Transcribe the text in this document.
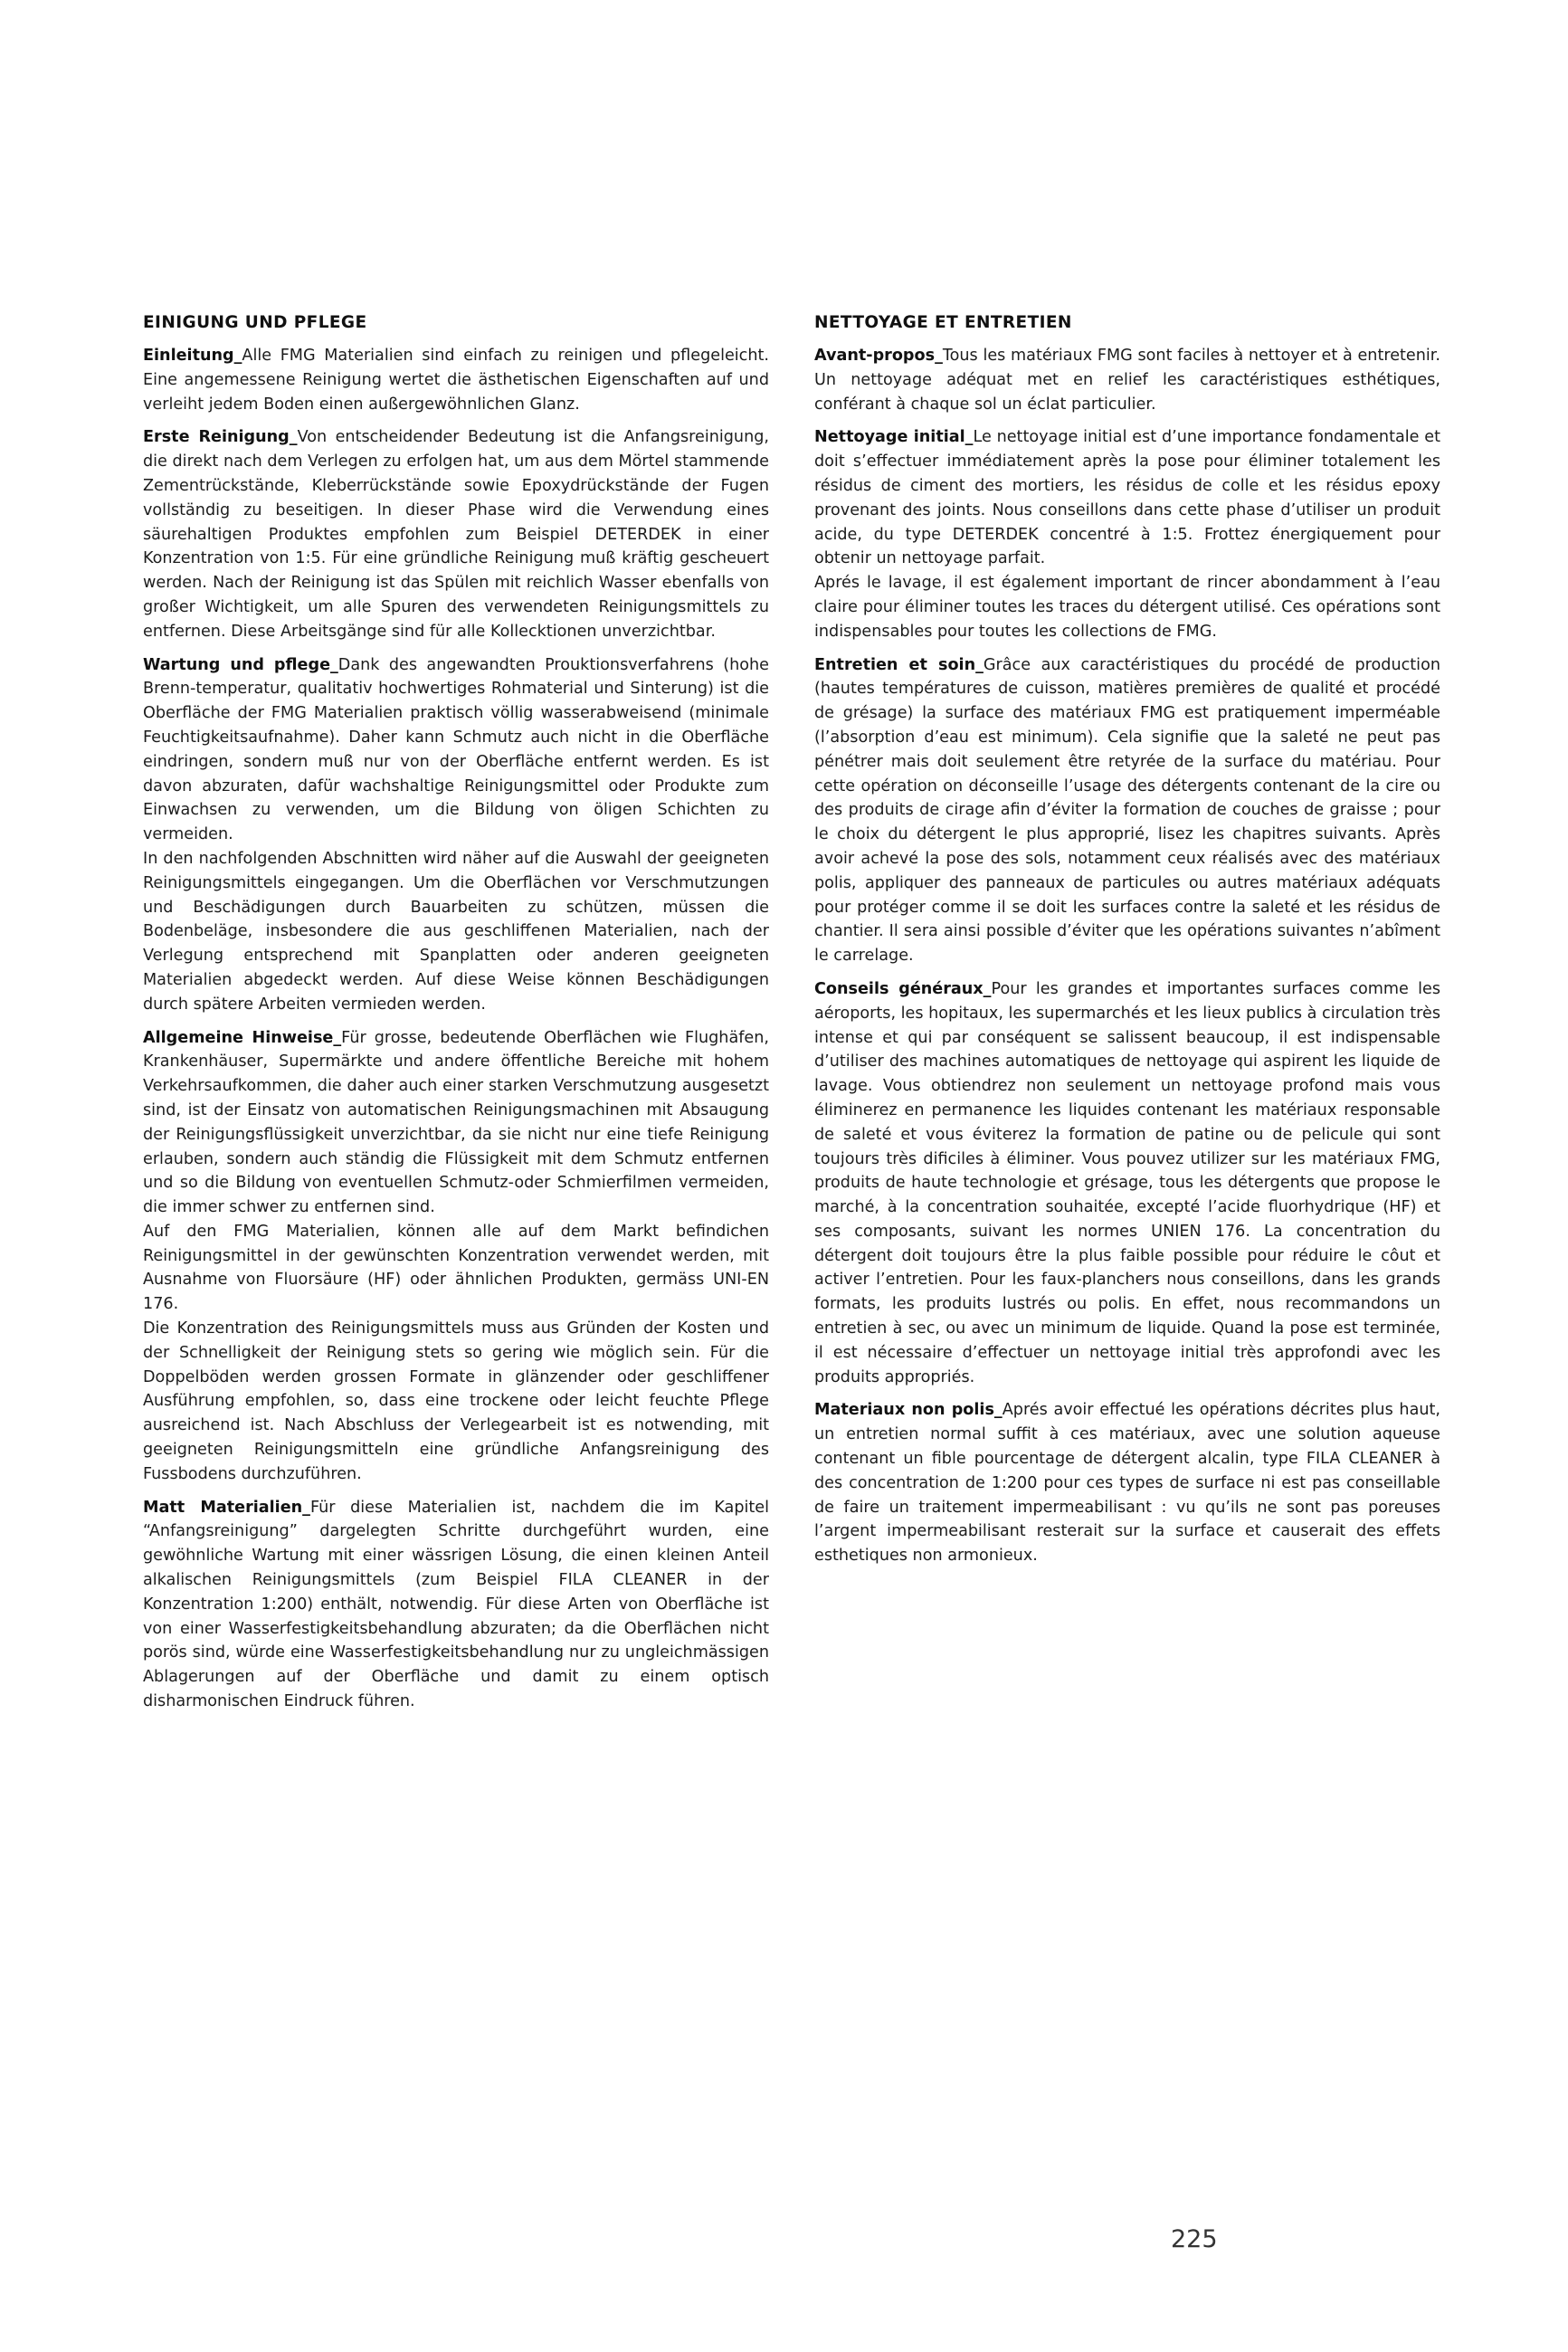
EINIGUNG UND PFLEGE

Einleitung_Alle FMG Materialien sind einfach zu reinigen und pflegeleicht. Eine angemessene Reinigung wertet die ästhetischen Eigenschaften auf und verleiht jedem Boden einen außergewöhnlichen Glanz.

Erste Reinigung_Von entscheidender Bedeutung ist die Anfangsreinigung, die direkt nach dem Verlegen zu erfolgen hat, um aus dem Mörtel stammende Zementrückstände, Kleberrückstände sowie Epoxydrückstände der Fugen vollständig zu beseitigen. In dieser Phase wird die Verwendung eines säurehaltigen Produktes empfohlen zum Beispiel DETERDEK in einer Konzentration von 1:5. Für eine gründliche Reinigung muß kräftig gescheuert werden. Nach der Reinigung ist das Spülen mit reichlich Wasser ebenfalls von großer Wichtigkeit, um alle Spuren des verwendeten Reinigungsmittels zu entfernen. Diese Arbeitsgänge sind für alle Kollecktionen unverzichtbar.

Wartung und pflege_Dank des angewandten Prouktionsverfahrens (hohe Brenn-temperatur, qualitativ hochwertiges Rohmaterial und Sinterung) ist die Oberfläche der FMG Materialien praktisch völlig wasserabweisend (minimale Feuchtigkeitsaufnahme). Daher kann Schmutz auch nicht in die Oberfläche eindringen, sondern muß nur von der Oberfläche entfernt werden. Es ist davon abzuraten, dafür wachshaltige Reinigungsmittel oder Produkte zum Einwachsen zu verwenden, um die Bildung von öligen Schichten zu vermeiden.

In den nachfolgenden Abschnitten wird näher auf die Auswahl der geeigneten Reinigungsmittels eingegangen. Um die Oberflächen vor Verschmutzungen und Beschädigungen durch Bauarbeiten zu schützen, müssen die Bodenbeläge, insbesondere die aus geschliffenen Materialien, nach der Verlegung entsprechend mit Spanplatten oder anderen geeigneten Materialien abgedeckt werden. Auf diese Weise können Beschädigungen durch spätere Arbeiten vermieden werden.

Allgemeine Hinweise_Für grosse, bedeutende Oberflächen wie Flughäfen, Krankenhäuser, Supermärkte und andere öffentliche Bereiche mit hohem Verkehrsaufkommen, die daher auch einer starken Verschmutzung ausgesetzt sind, ist der Einsatz von automatischen Reinigungsmachinen mit Absaugung der Reinigungsflüssigkeit unverzichtbar, da sie nicht nur eine tiefe Reinigung erlauben, sondern auch ständig die Flüssigkeit mit dem Schmutz entfernen und so die Bildung von eventuellen Schmutz-oder Schmierfilmen vermeiden, die immer schwer zu entfernen sind.

Auf den FMG Materialien, können alle auf dem Markt befindichen Reinigungsmittel in der gewünschten Konzentration verwendet werden, mit Ausnahme von Fluorsäure (HF) oder ähnlichen Produkten, germäss UNI-EN 176.

Die Konzentration des Reinigungsmittels muss aus Gründen der Kosten und der Schnelligkeit der Reinigung stets so gering wie möglich sein. Für die Doppelböden werden grossen Formate in glänzender oder geschliffener Ausführung empfohlen, so, dass eine trockene oder leicht feuchte Pflege ausreichend ist. Nach Abschluss der Verlegearbeit ist es notwending, mit geeigneten Reinigungsmitteln eine gründliche Anfangsreinigung des Fussbodens durchzuführen.

Matt Materialien_Für diese Materialien ist, nachdem die im Kapitel “Anfangsreinigung” dargelegten Schritte durchgeführt wurden, eine gewöhnliche Wartung mit einer wässrigen Lösung, die einen kleinen Anteil alkalischen Reinigungsmittels (zum Beispiel FILA CLEANER in der Konzentration 1:200) enthält, notwendig. Für diese Arten von Oberfläche ist von einer Wasserfestigkeitsbehandlung abzuraten; da die Oberflächen nicht porös sind, würde eine Wasserfestigkeitsbehandlung nur zu ungleichmässigen Ablagerungen auf der Oberfläche und damit zu einem optisch disharmonischen Eindruck führen.

NETTOYAGE ET ENTRETIEN

Avant-propos_Tous les matériaux FMG sont faciles à nettoyer et à entretenir. Un nettoyage adéquat met en relief les caractéristiques esthétiques, conférant à chaque sol un éclat particulier.

Nettoyage initial_Le nettoyage initial est d’une importance fondamentale et doit s’effectuer immédiatement après la pose pour éliminer totalement les résidus de ciment des mortiers, les résidus de colle et les résidus epoxy provenant des joints. Nous conseillons dans cette phase d’utiliser un produit acide, du type DETERDEK concentré à 1:5. Frottez énergiquement pour obtenir un nettoyage parfait.

Aprés le lavage, il est également important de rincer abondamment à l’eau claire pour éliminer toutes les traces du détergent utilisé. Ces opérations sont indispensables pour toutes les collections de FMG.

Entretien et soin_Grâce aux caractéristiques du procédé de production (hautes températures de cuisson, matières premières de qualité et procédé de grésage) la surface des matériaux FMG est pratiquement imperméable (l’absorption d’eau est minimum). Cela signifie que la saleté ne peut pas pénétrer mais doit seulement être retyrée de la surface du matériau. Pour cette opération on déconseille l’usage des détergents contenant de la cire ou des produits de cirage afin d’éviter la formation de couches de graisse ; pour le choix du détergent le plus approprié, lisez les chapitres suivants. Après avoir achevé la pose des sols, notamment ceux réalisés avec des matériaux polis, appliquer des panneaux de particules ou autres matériaux adéquats pour protéger comme il se doit les surfaces contre la saleté et les résidus de chantier. Il sera ainsi possible d’éviter que les opérations suivantes n’abîment le carrelage.

Conseils généraux_Pour les grandes et importantes surfaces comme les aéroports, les hopitaux, les supermarchés et les lieux publics à circulation très intense et qui par conséquent se salissent beaucoup, il est indispensable d’utiliser des machines automatiques de nettoyage qui aspirent les liquide de lavage. Vous obtiendrez non seulement un nettoyage profond mais vous éliminerez en permanence les liquides contenant les matériaux responsable de saleté et vous éviterez la formation de patine ou de pelicule qui sont toujours très dificiles à éliminer. Vous pouvez utilizer sur les matériaux FMG, produits de haute technologie et grésage, tous les détergents que propose le marché, à la concentration souhaitée, excepté l’acide fluorhydrique (HF) et ses composants, suivant les normes UNIEN 176. La concentration du détergent doit toujours être la plus faible possible pour réduire le côut et activer l’entretien. Pour les faux-planchers nous conseillons, dans les grands formats, les produits lustrés ou polis. En effet, nous recommandons un entretien à sec, ou avec un minimum de liquide. Quand la pose est terminée, il est nécessaire d’effectuer un nettoyage initial très approfondi avec les produits appropriés.

Materiaux non polis_Aprés avoir effectué les opérations décrites plus haut, un entretien normal suffit à ces matériaux, avec une solution aqueuse contenant un fible pourcentage de détergent alcalin, type FILA CLEANER à des concentration de 1:200 pour ces types de surface ni est pas conseillable de faire un traitement impermeabilisant : vu qu’ils ne sont pas poreuses l’argent impermeabilisant resterait sur la surface et causerait des effets esthetiques non armonieux.

225
